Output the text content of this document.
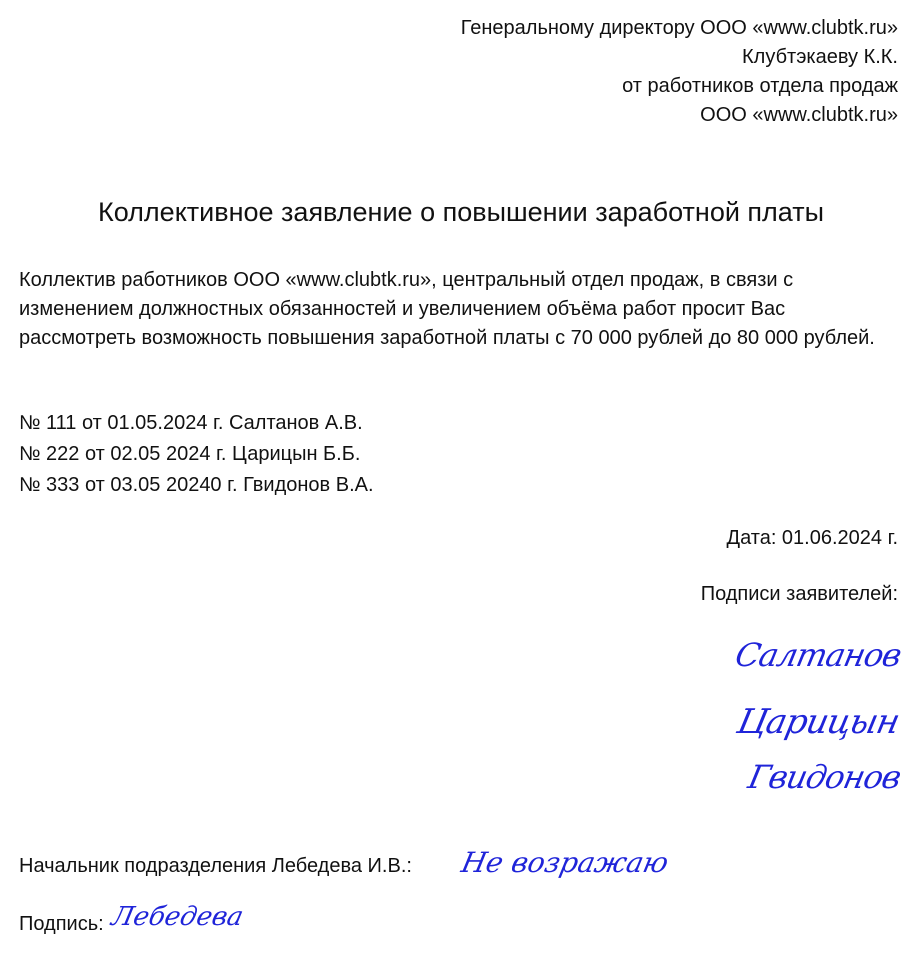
Генеральному директору ООО «www.clubtk.ru»
Клубтэкаеву К.К.
от работников отдела продаж
ООО «www.clubtk.ru»
Коллективное заявление о повышении заработной платы
Коллектив работников ООО «www.clubtk.ru», центральный отдел продаж, в связи с изменением должностных обязанностей и увеличением объёма работ просит Вас рассмотреть возможность повышения заработной платы с 70 000 рублей до 80 000 рублей.
№ 111 от 01.05.2024 г. Салтанов А.В.
№ 222 от 02.05 2024 г. Царицын Б.Б.
№ 333 от 03.05 20240 г. Гвидонов В.А.
Дата: 01.06.2024 г.
Подписи заявителей:
Салтанов
Царицын
Гвидонов
Начальник подразделения Лебедева И.В.: Не возражаю
Подпись: Лебедева
